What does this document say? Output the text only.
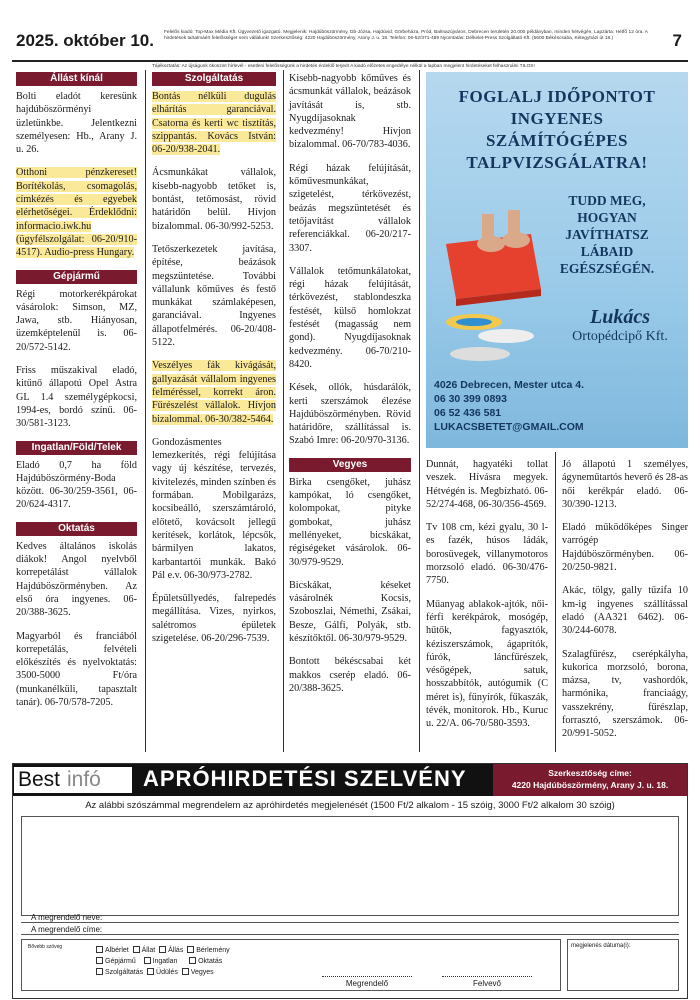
2025. október 10. Felelős kiadó: Top-Max Média Kft. Ügyvezető igazgató. Megjelenik: Hajdúböszörmény, Db-Józsa, Hajdúvid, Görbeháza, Pród, Balmazújváros, Debrecen területén 20.000 példányban, minden hétvégén. Lapzárta: Hétfő 12 óra. A hirdetések tartalmáért felelősséget nem vállalunk! Szerkesztőség: 4220 Hajdúböszörmény, Arany J. u. 18. Telefon: 06-52/371-489 Nyomtatás: Délkelet-Press Szolgáltató Kft. (5600 Békéscsaba, Kétegyházi út 18.)	7
Tájékoztatás: Az újságunk ökoszint hírlevél - esetleni felelősségünk a hirdetés érdeklő terjed! A kiadó előzetes engedélye nélkül a lapban megjelent hirdetéseket felhasználni TILOS!
Állást kínál
Bolti eladót keresünk hajdúböszörményi üzletünkbe. Jelentkezni személyesen: Hb., Arany J. u. 26.
Otthoni pénzkereset! Borítékolás, csomagolás, címkézés és egyebek elérhetőségei. Érdeklődni: informacio.iwk.hu (ügyfélszolgálat: 06-20/910-4517). Audio-press Hungary.
Gépjármű
Régi motorkerékpárokat vásárolok: Simson, MZ, Jawa, stb. Hiányosan, üzemképtelenül is. 06-20/572-5142.
Friss műszakival eladó, kitűnő állapotú Opel Astra GL 1.4 személygépkocsi, 1994-es, bordó színű. 06-30/581-3123.
Ingatlan/Föld/Telek
Eladó 0,7 ha föld Hajdúböszörmény-Boda között. 06-30/259-3561, 06-20/624-4317.
Oktatás
Kedves általános iskolás diákok! Angol nyelvből korrepetálást vállalok Hajdúböszörményben. Az első óra ingyenes. 06-20/388-3625.
Magyarból és franciából korrepetálás, felvételi előkészítés és nyelvoktatás: 3500-5000 Ft/óra (munkanélküli, tapasztalt tanár). 06-70/578-7205.
Szolgáltatás
Bontás nélküli dugulás elhárítás garanciával. Csatorna és kerti wc tisztítás, szippantás. Kovács István: 06-20/938-2041.
Ácsmunkákat vállalok, kisebb-nagyobb tetőket is, bontást, tetőmosást, rövid határidőn belül. Hívjon bizalommal. 06-30/992-5253.
Tetőszerkezetek javítása, építése, beázások megszüntetése. További vállalunk kőműves és festő munkákat számlaképesen, garanciával. Ingyenes állapotfelmérés. 06-20/408-5122.
Veszélyes fák kivágását, gallyazását vállalom ingyenes felméréssel, korrekt áron. Fűrészelést vállalok. Hívjon bizalommal. 06-30/382-5464.
Gondozásmentes lemezkerítés, régi felújítása vagy új készítése, tervezés, kivitelezés, minden színben és formában. Mobilgarázs, kocsibeálló, szerszámtároló, előtető, kovácsolt jellegű kerítések, korlátok, lépcsők, bármilyen lakatos, karbantartói munkák. Bakó Pál e.v. 06-30/973-2782.
Épületsüllyedés, falrepedés megállítása. Vizes, nyirkos, salétromos épületek szigetelése. 06-20/296-7539.
Kisebb-nagyobb kőműves és ácsmunkát vállalok, beázások javítását is, stb. Nyugdíjasoknak kedvezmény! Hívjon bizalommal. 06-70/783-4036.
Régi házak felújítását, kőművesmunkákat, szigetelést, térkövezést, beázás megszüntetését és tetőjavítást vállalok referenciákkal. 06-20/217-3307.
Vállalok tetőmunkálatokat, régi házak felújítását, térkövezést, stablondeszka festését, külső homlokzat festését (magasság nem gond). Nyugdíjasoknak kedvezmény. 06-70/210-8420.
Kések, ollók, húsdarálók, kerti szerszámok élezése Hajdúböszörményben. Rövid határidőre, szállítással is. Szabó Imre: 06-20/970-3136.
Vegyes
Birka csengőket, juhász kampókat, ló csengőket, kolompokat, pityke gombokat, juhász mellényeket, bicskákat, régiségeket vásárolok. 06-30/979-9529.
Bicskákat, késeket vásárolnék Kocsis, Szoboszlai, Némethi, Zsákai, Besze, Gálfi, Polyák, stb. készítőktől. 06-30/979-9529.
Bontott békéscsabai két makkos cserép eladó. 06-20/388-3625.
FOGLALJ IDŐPONTOT
INGYENES
SZÁMÍTÓGÉPES
TALPVIZSGÁLATRA!
TUDD MEG,
HOGYAN
JAVÍTHATSZ
LÁBAID
EGÉSZSÉGÉN.
Lukács
Ortopédcipő Kft.
4026 Debrecen, Mester utca 4.
06 30 399 0893
06 52 436 581
LUKACSBETET@GMAIL.COM
Dunnát, hagyatéki tollat veszek. Hívásra megyek. Hétvégén is. Megbízható. 06-52/274-468, 06-30/356-4569.
Tv 108 cm, kézi gyalu, 30 l-es fazék, húsos ládák, borosüvegek, villanymotoros morzsoló eladó. 06-30/476-7750.
Műanyag ablakok-ajtók, női-férfi kerékpárok, mosógép, hűtők, fagyasztók, kéziszerszámok, ágaprítók, fúrók, láncfűrészek, vésőgépek, satuk, hosszabbítók, autógumik (C méret is), fűnyírók, fűkaszák, tévék, monitorok. Hb., Kuruc u. 22/A. 06-70/580-3593.
Jó állapotú 1 személyes, ágyneműtartós heverő és 28-as női kerékpár eladó. 06-30/390-1213.
Eladó működőképes Singer varrógép Hajdúböszörményben. 06-20/250-9821.
Akác, tölgy, gally tűzifa 10 km-ig ingyenes szállítással eladó (AA321 6462). 06-30/244-6078.
Szalagfűrész, cserépkályha, kukorica morzsoló, borona, mázsa, tv, vashordók, harmónika, franciaágy, vasszekrény, fűrészlap, forrasztó, szerszámok. 06-20/991-5052.
Best infó APRÓHIRDETÉSI SZELVÉNY	Szerkesztőség címe:
4220 Hajdúböszörmény, Arany J. u. 18.
Az alábbi szószámmal megrendelem az apróhirdetés megjelenését (1500 Ft/2 alkalom - 15 szóig, 3000 Ft/2 alkalom 30 szóig)
A megrendelő neve:
A megrendelő címe:
Bővebb szöveg	Albérlet Állat Állás Bérlemény
Gépjármű Ingatlan	Oktatás
Szolgáltatás Üdülés Vegyes
Megrendelő	Felvevő
megjelenés dátuma(i):
